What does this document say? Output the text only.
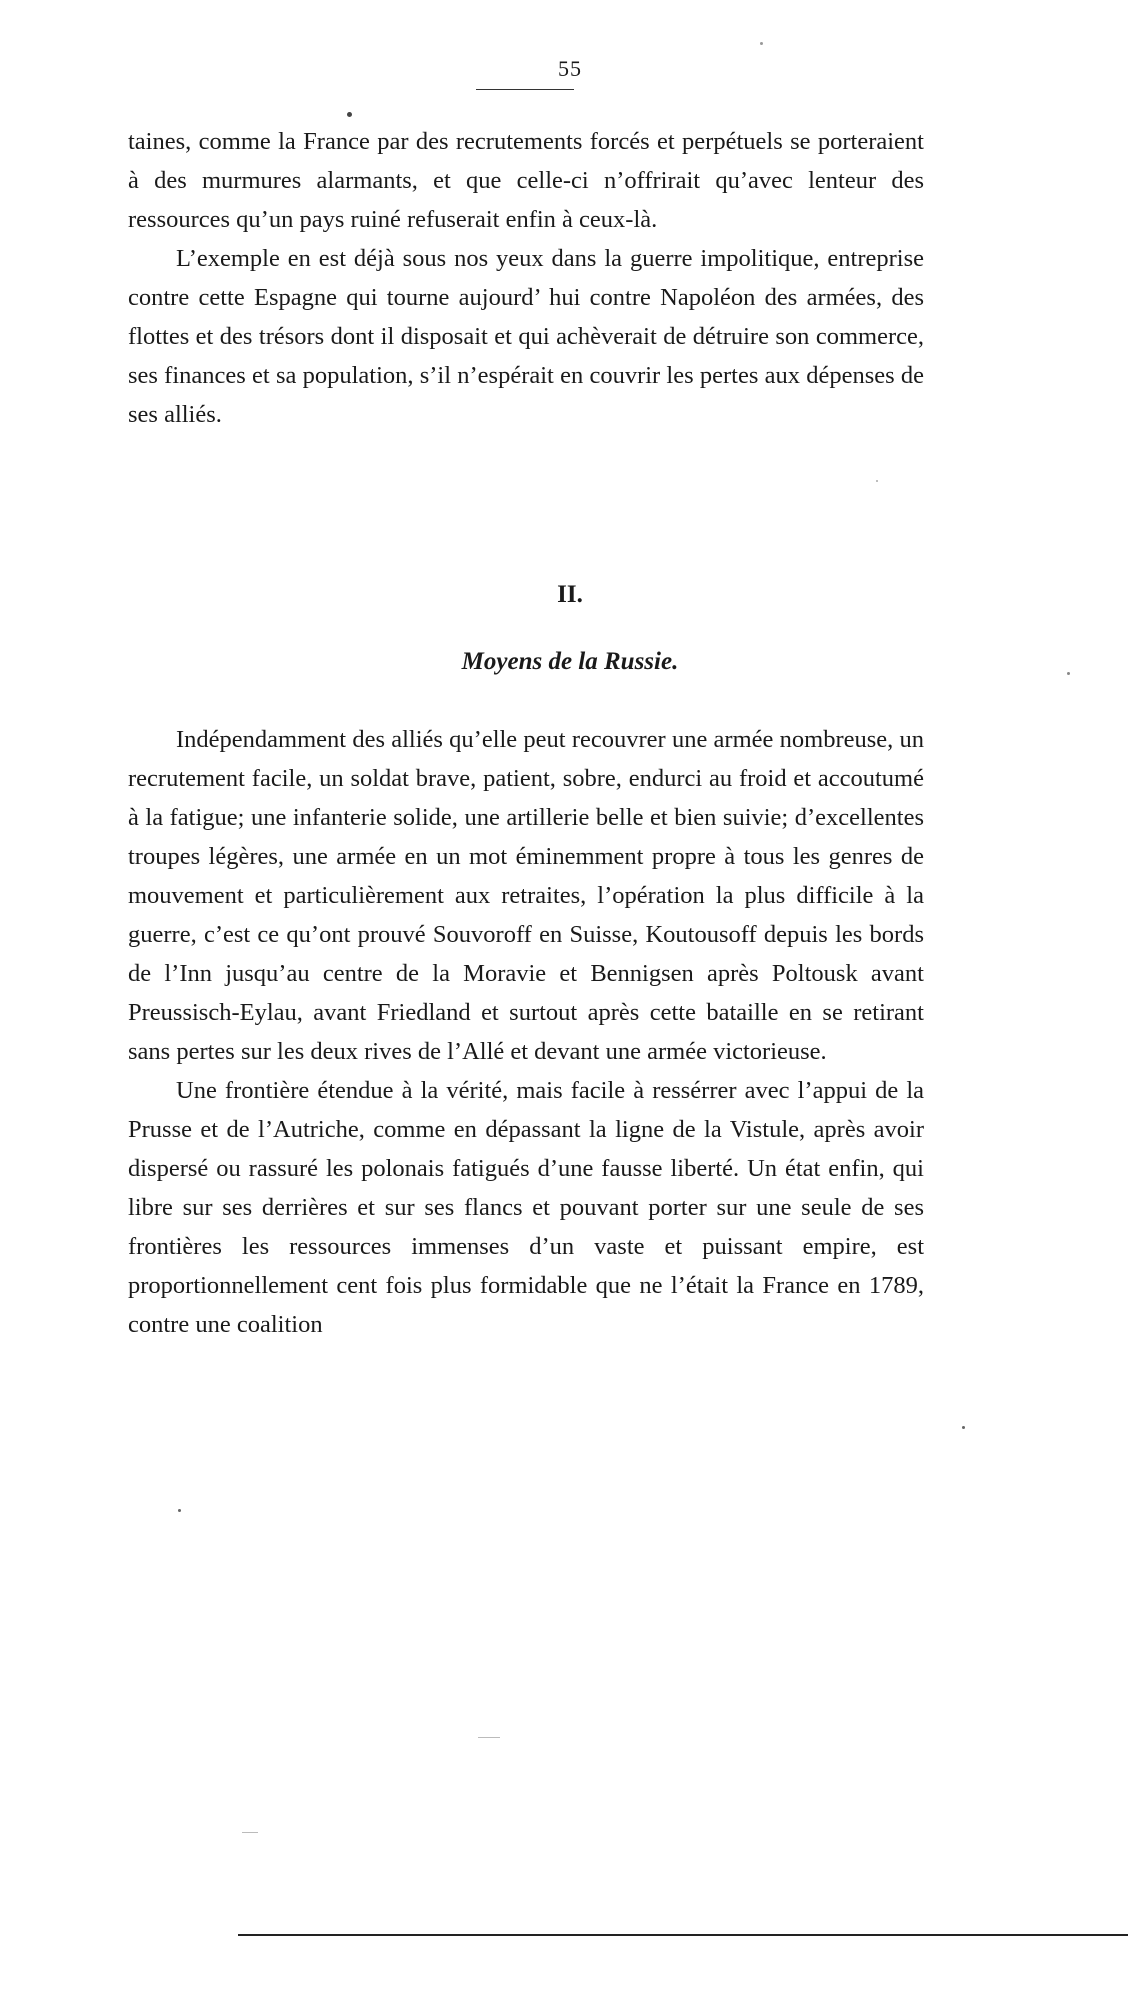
55

taines, comme la France par des recrutements forcés et perpétuels se porteraient à des murmures alarmants, et que celle-ci n’offrirait qu’avec lenteur des ressources qu’un pays ruiné refuserait enfin à ceux-là.

L’exemple en est déjà sous nos yeux dans la guerre impolitique, entreprise contre cette Espagne qui tourne aujourd’ hui contre Napoléon des armées, des flottes et des trésors dont il disposait et qui achèverait de détruire son commerce, ses finances et sa population, s’il n’espérait en couvrir les pertes aux dépenses de ses alliés.

II.
Moyens de la Russie.

Indépendamment des alliés qu’elle peut recouvrer une armée nombreuse, un recrutement facile, un soldat brave, patient, sobre, endurci au froid et accoutumé à la fatigue; une infanterie solide, une artillerie belle et bien suivie; d’excellentes troupes légères, une armée en un mot éminemment propre à tous les genres de mouvement et particulièrement aux retraites, l’opération la plus difficile à la guerre, c’est ce qu’ont prouvé Souvoroff en Suisse, Koutousoff depuis les bords de l’Inn jusqu’au centre de la Moravie et Bennigsen après Poltousk avant Preussisch-Eylau, avant Friedland et surtout après cette bataille en se retirant sans pertes sur les deux rives de l’Allé et devant une armée victorieuse.

Une frontière étendue à la vérité, mais facile à ressérrer avec l’appui de la Prusse et de l’Autriche, comme en dépassant la ligne de la Vistule, après avoir dispersé ou rassuré les polonais fatigués d’une fausse liberté. Un état enfin, qui libre sur ses derrières et sur ses flancs et pouvant porter sur une seule de ses frontières les ressources immenses d’un vaste et puissant empire, est proportionnellement cent fois plus formidable que ne l’était la France en 1789, contre une coalition
